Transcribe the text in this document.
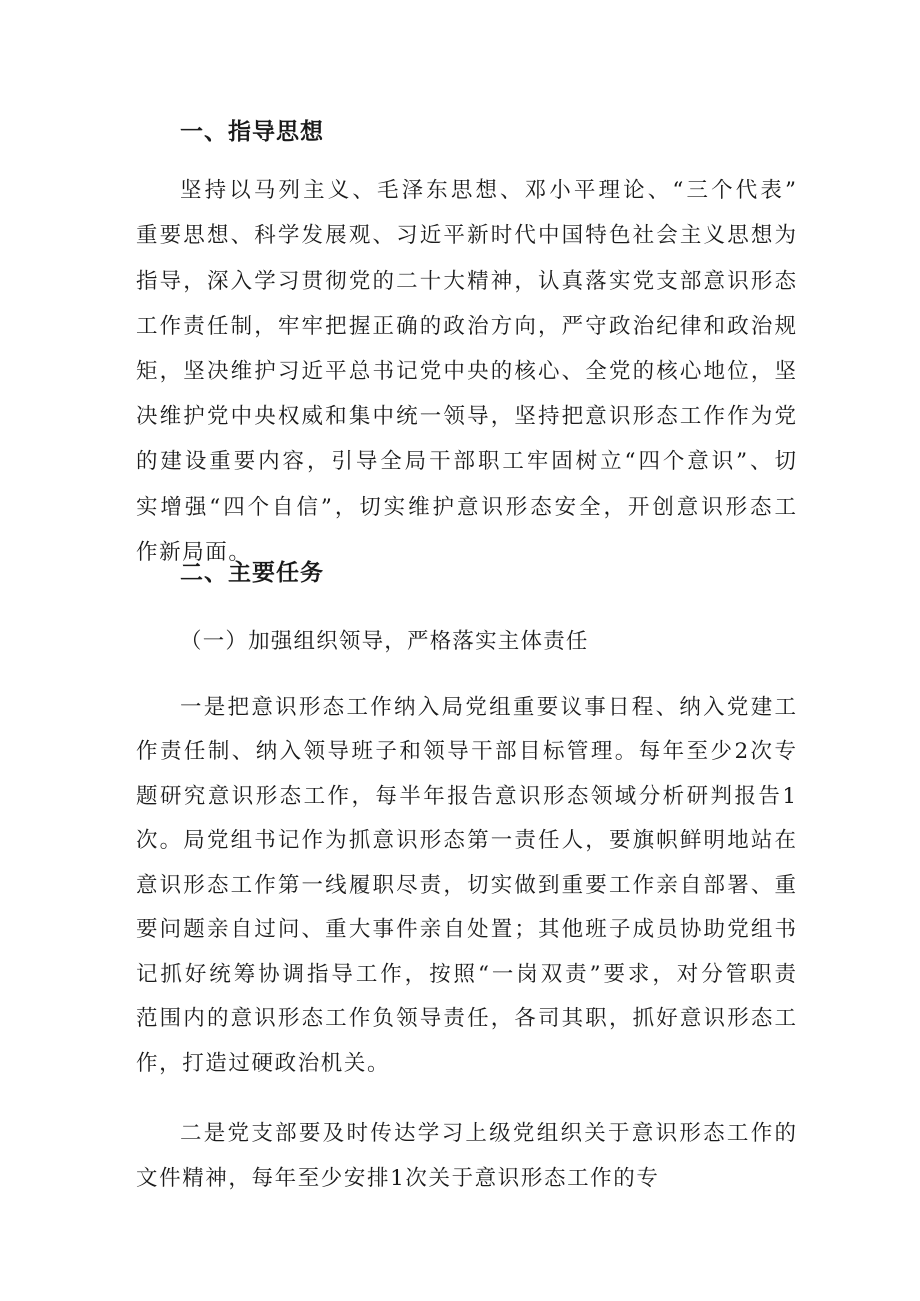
一、指导思想
坚持以马列主义、毛泽东思想、邓小平理论、“三个代表”
重要思想、科学发展观、习近平新时代中国特色社会主义思想为
指导，深入学习贯彻党的二十大精神，认真落实党支部意识形态
工作责任制，牢牢把握正确的政治方向，严守政治纪律和政治规
矩，坚决维护习近平总书记党中央的核心、全党的核心地位，坚
决维护党中央权威和集中统一领导，坚持把意识形态工作作为党
的建设重要内容，引导全局干部职工牢固树立“四个意识”、切
实增强“四个自信”，切实维护意识形态安全，开创意识形态工
作新局面。
二、主要任务
（一）加强组织领导，严格落实主体责任
一是把意识形态工作纳入局党组重要议事日程、纳入党建工
作责任制、纳入领导班子和领导干部目标管理。每年至少2次专
题研究意识形态工作，每半年报告意识形态领域分析研判报告1
次。局党组书记作为抓意识形态第一责任人，要旗帜鲜明地站在
意识形态工作第一线履职尽责，切实做到重要工作亲自部署、重
要问题亲自过问、重大事件亲自处置；其他班子成员协助党组书
记抓好统筹协调指导工作，按照“一岗双责”要求，对分管职责
范围内的意识形态工作负领导责任，各司其职，抓好意识形态工
作，打造过硬政治机关。
二是党支部要及时传达学习上级党组织关于意识形态工作的
文件精神，每年至少安排1次关于意识形态工作的专
